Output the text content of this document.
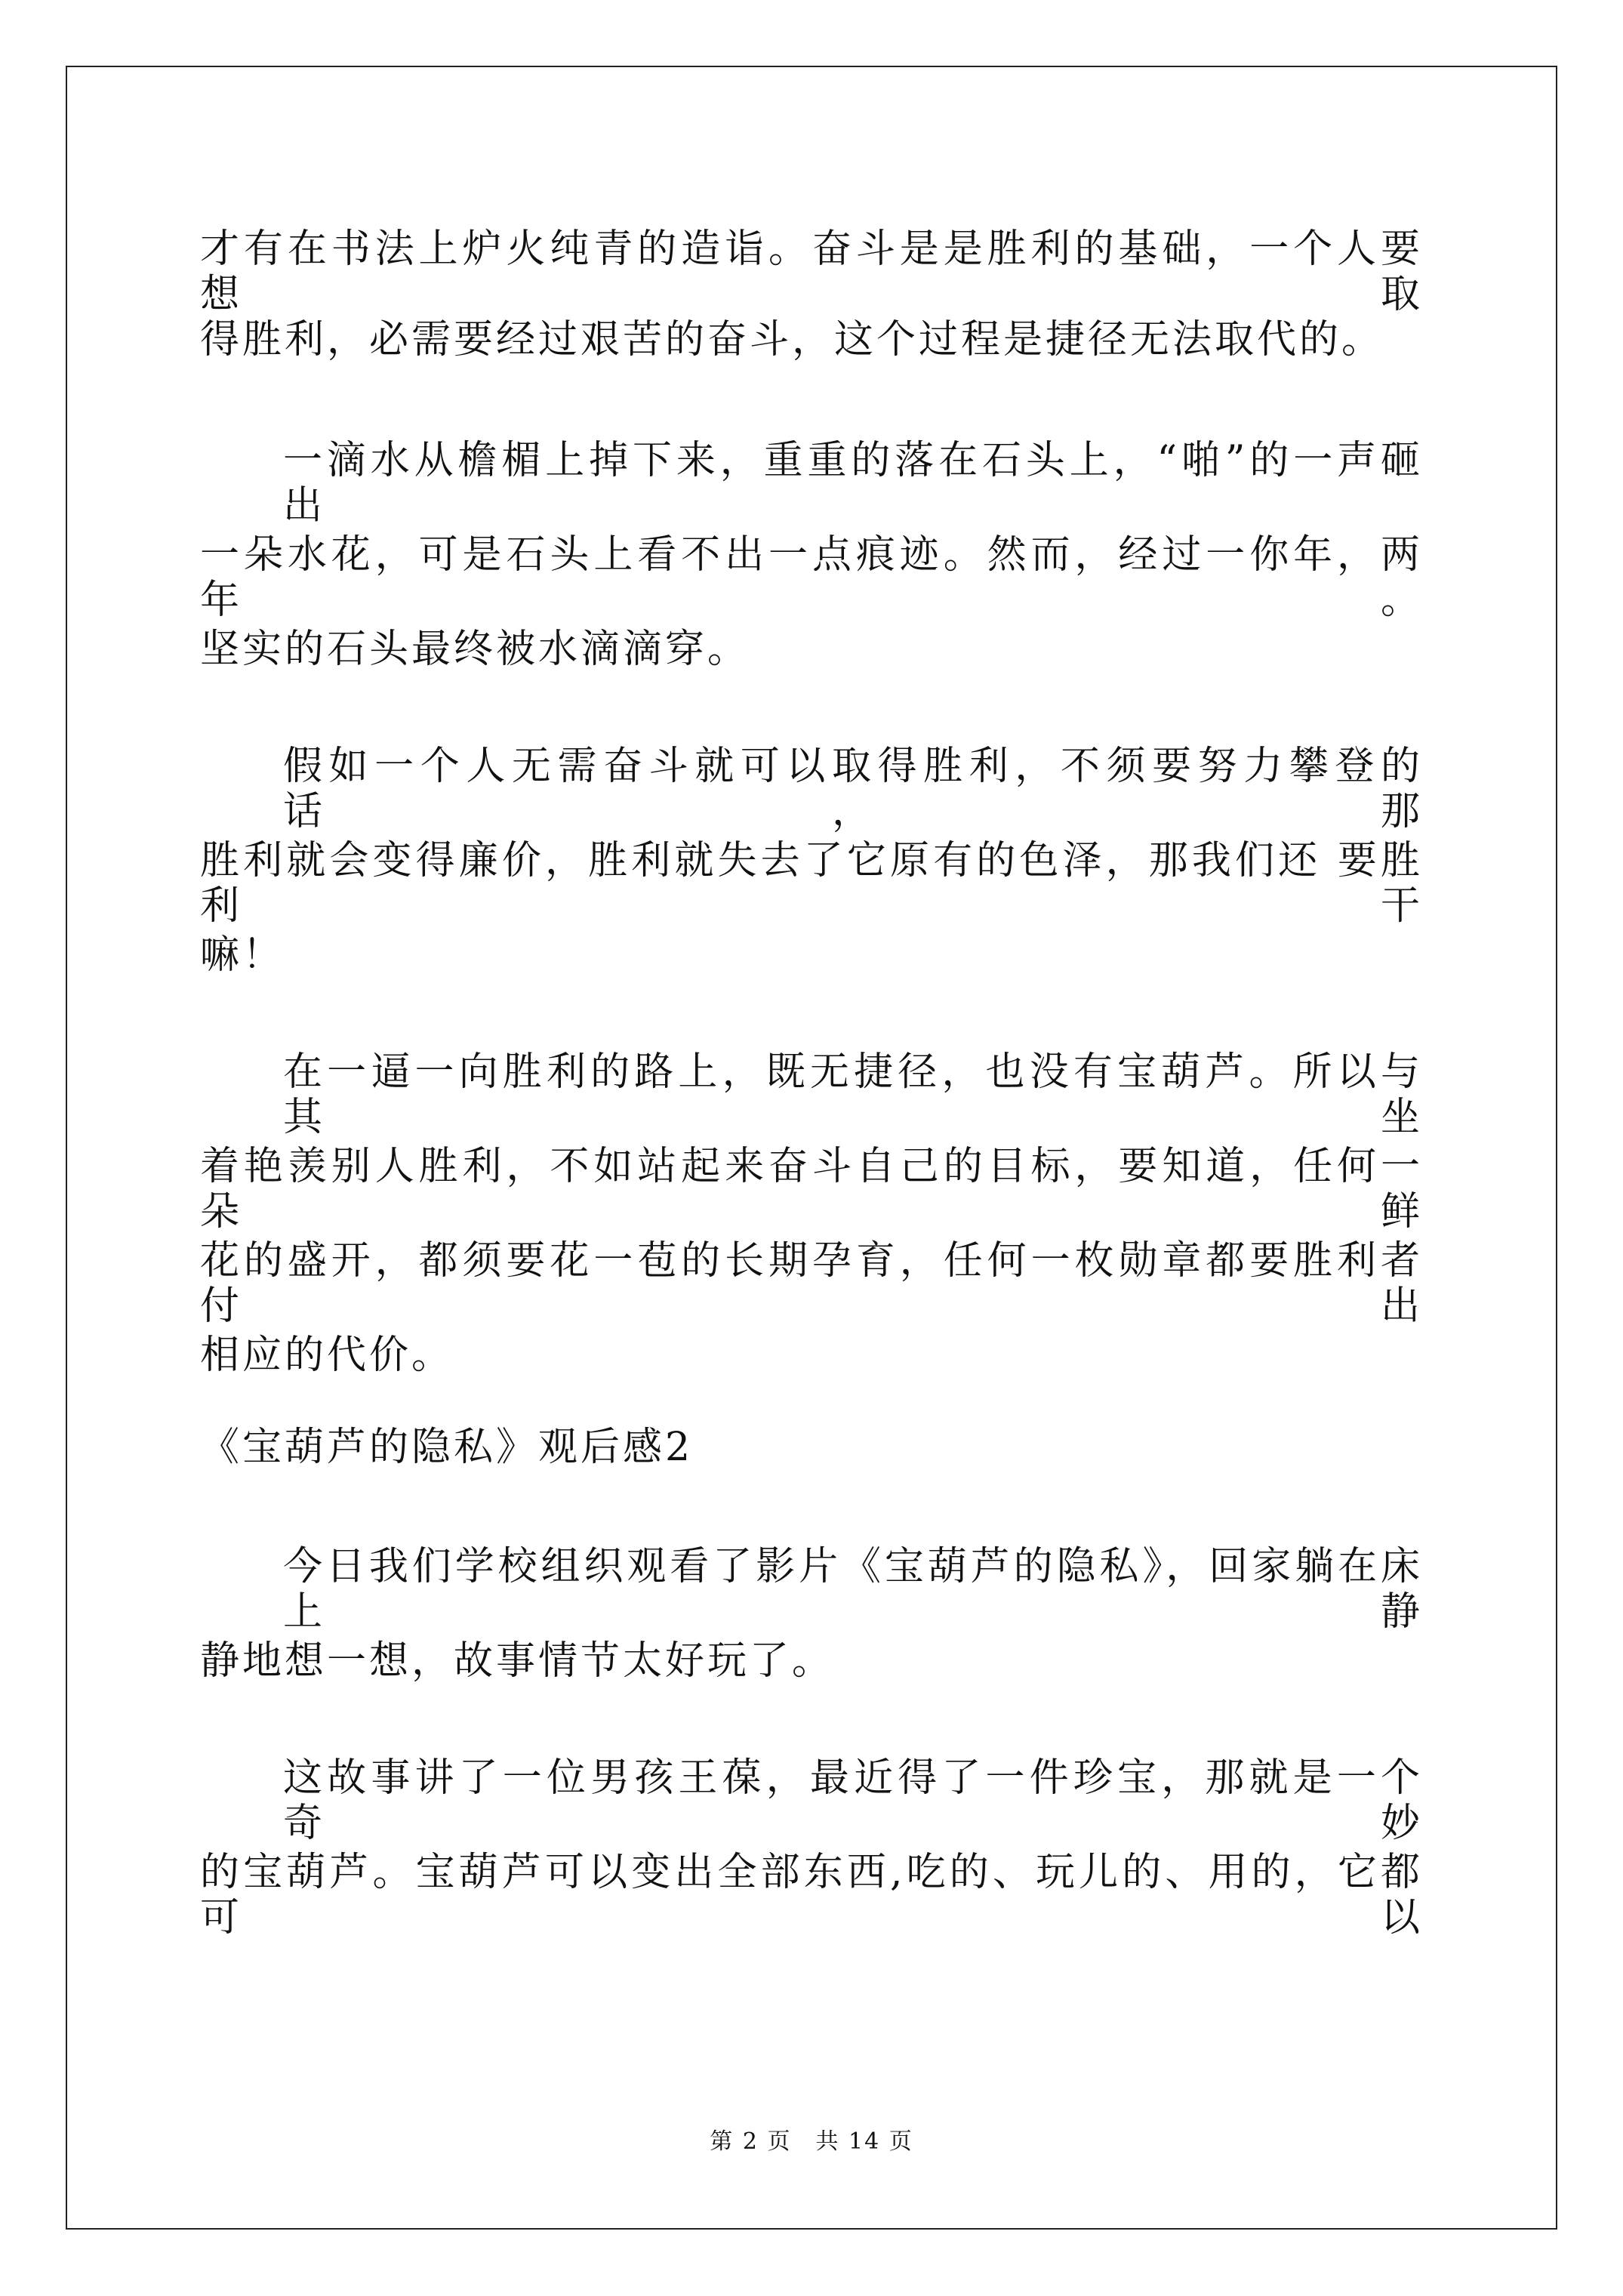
才有在书法上炉火纯青的造诣。奋斗是是胜利的基础，一个人要想取
得胜利，必需要经过艰苦的奋斗，这个过程是捷径无法取代的。
一滴水从檐楣上掉下来，重重的落在石头上，“啪”的一声砸出
一朵水花，可是石头上看不出一点痕迹。然而，经过一你年，两年。
坚实的石头最终被水滴滴穿。
假如一个人无需奋斗就可以取得胜利，不须要努力攀登的话，那
胜利就会变得廉价，胜利就失去了它原有的色泽，那我们还 要胜利干
嘛！
在一逼一向胜利的路上，既无捷径，也没有宝葫芦。所以与其坐
着艳羡别人胜利，不如站起来奋斗自己的目标，要知道，任何一朵鲜
花的盛开，都须要花一苞的长期孕育，任何一枚勋章都要胜利者付出
相应的代价。
《宝葫芦的隐私》观后感2
今日我们学校组织观看了影片《宝葫芦的隐私》，回家躺在床上静
静地想一想，故事情节太好玩了。
这故事讲了一位男孩王葆，最近得了一件珍宝，那就是一个奇妙
的宝葫芦。宝葫芦可以变出全部东西,吃的、玩儿的、用的，它都可以
第 2 页　共 14 页
